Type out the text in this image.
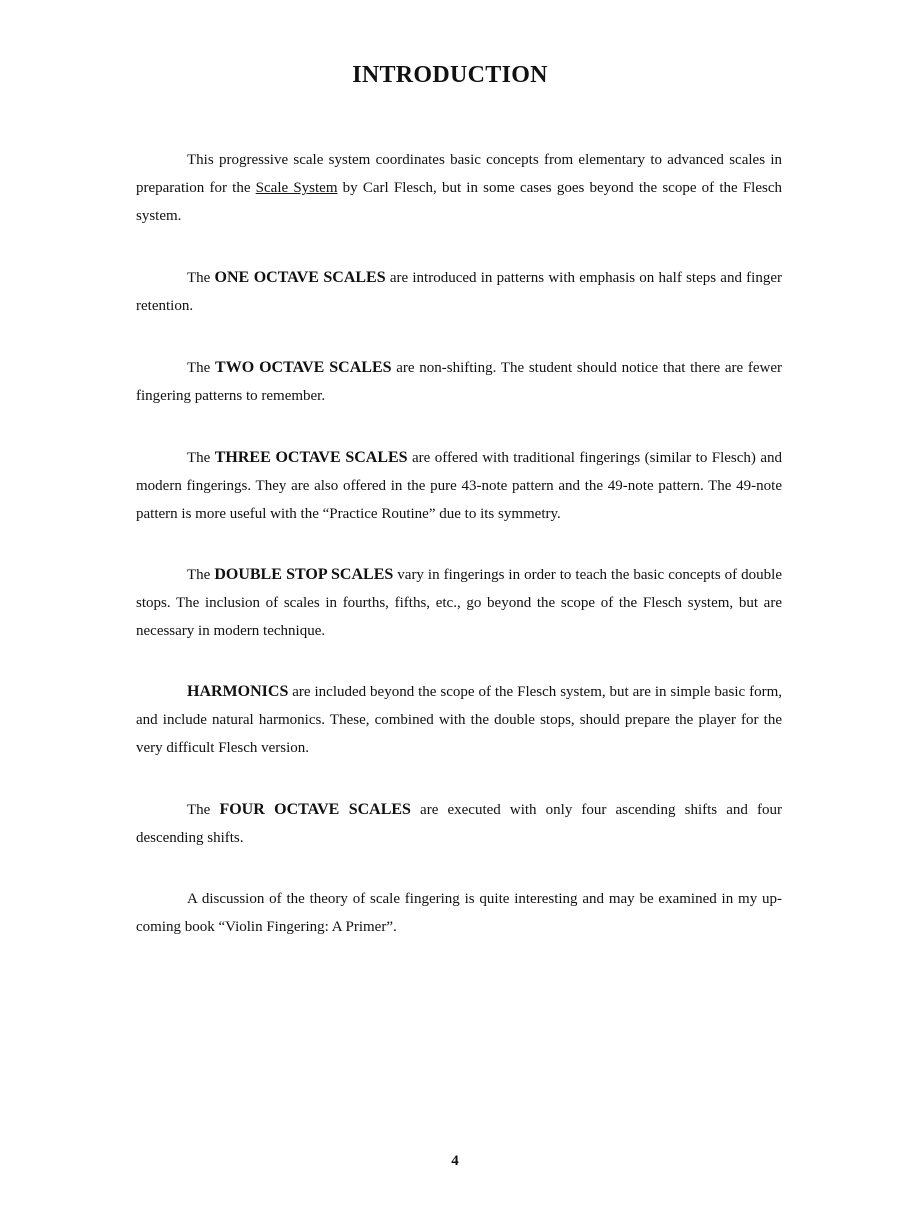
INTRODUCTION

This progressive scale system coordinates basic concepts from elementary to advanced scales in preparation for the Scale System by Carl Flesch, but in some cases goes beyond the scope of the Flesch system.

The ONE OCTAVE SCALES are introduced in patterns with emphasis on half steps and finger retention.

The TWO OCTAVE SCALES are non-shifting. The student should notice that there are fewer fingering patterns to remember.

The THREE OCTAVE SCALES are offered with traditional fingerings (similar to Flesch) and modern fingerings. They are also offered in the pure 43-note pattern and the 49-note pattern. The 49-note pattern is more useful with the “Practice Routine” due to its symmetry.

The DOUBLE STOP SCALES vary in fingerings in order to teach the basic concepts of double stops. The inclusion of scales in fourths, fifths, etc., go beyond the scope of the Flesch system, but are necessary in modern technique.

HARMONICS are included beyond the scope of the Flesch system, but are in simple basic form, and include natural harmonics. These, combined with the double stops, should prepare the player for the very difficult Flesch version.

The FOUR OCTAVE SCALES are executed with only four ascending shifts and four descending shifts.

A discussion of the theory of scale fingering is quite interesting and may be examined in my up-coming book “Violin Fingering: A Primer”.

4
